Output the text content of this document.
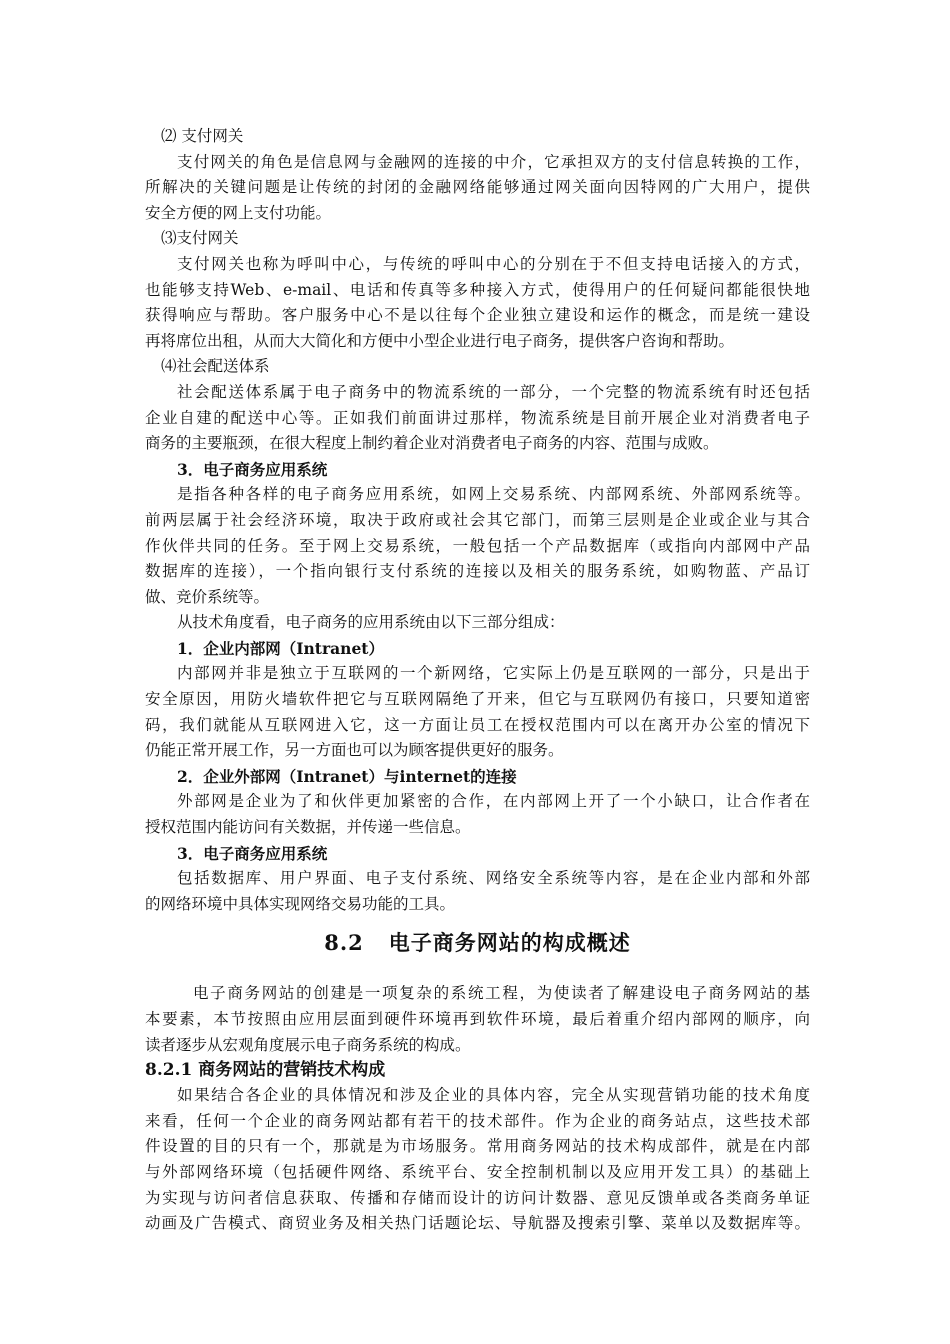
⑵ 支付网关
支付网关的角色是信息网与金融网的连接的中介，它承担双方的支付信息转换的工作，
所解决的关键问题是让传统的封闭的金融网络能够通过网关面向因特网的广大用户，提供
安全方便的网上支付功能。
⑶支付网关
支付网关也称为呼叫中心，与传统的呼叫中心的分别在于不但支持电话接入的方式，
也能够支持Web、e-mail、电话和传真等多种接入方式，使得用户的任何疑问都能很快地
获得响应与帮助。客户服务中心不是以往每个企业独立建设和运作的概念，而是统一建设
再将席位出租，从而大大简化和方便中小型企业进行电子商务，提供客户咨询和帮助。
⑷社会配送体系
社会配送体系属于电子商务中的物流系统的一部分，一个完整的物流系统有时还包括
企业自建的配送中心等。正如我们前面讲过那样，物流系统是目前开展企业对消费者电子
商务的主要瓶颈，在很大程度上制约着企业对消费者电子商务的内容、范围与成败。
3．电子商务应用系统
是指各种各样的电子商务应用系统，如网上交易系统、内部网系统、外部网系统等。
前两层属于社会经济环境，取决于政府或社会其它部门，而第三层则是企业或企业与其合
作伙伴共同的任务。至于网上交易系统，一般包括一个产品数据库（或指向内部网中产品
数据库的连接），一个指向银行支付系统的连接以及相关的服务系统，如购物蓝、产品订
做、竞价系统等。
从技术角度看，电子商务的应用系统由以下三部分组成：
1．企业内部网（Intranet）
内部网并非是独立于互联网的一个新网络，它实际上仍是互联网的一部分，只是出于
安全原因，用防火墙软件把它与互联网隔绝了开来，但它与互联网仍有接口，只要知道密
码，我们就能从互联网进入它，这一方面让员工在授权范围内可以在离开办公室的情况下
仍能正常开展工作，另一方面也可以为顾客提供更好的服务。
2．企业外部网（Intranet）与internet的连接
外部网是企业为了和伙伴更加紧密的合作，在内部网上开了一个小缺口，让合作者在
授权范围内能访问有关数据，并传递一些信息。
3．电子商务应用系统
包括数据库、用户界面、电子支付系统、网络安全系统等内容，是在企业内部和外部
的网络环境中具体实现网络交易功能的工具。
8.2 电子商务网站的构成概述
电子商务网站的创建是一项复杂的系统工程，为使读者了解建设电子商务网站的基
本要素，本节按照由应用层面到硬件环境再到软件环境，最后着重介绍内部网的顺序，向
读者逐步从宏观角度展示电子商务系统的构成。
8.2.1 商务网站的营销技术构成
如果结合各企业的具体情况和涉及企业的具体内容，完全从实现营销功能的技术角度
来看，任何一个企业的商务网站都有若干的技术部件。作为企业的商务站点，这些技术部
件设置的目的只有一个，那就是为市场服务。常用商务网站的技术构成部件，就是在内部
与外部网络环境（包括硬件网络、系统平台、安全控制机制以及应用开发工具）的基础上
为实现与访问者信息获取、传播和存储而设计的访问计数器、意见反馈单或各类商务单证
动画及广告模式、商贸业务及相关热门话题论坛、导航器及搜索引擎、菜单以及数据库等。
